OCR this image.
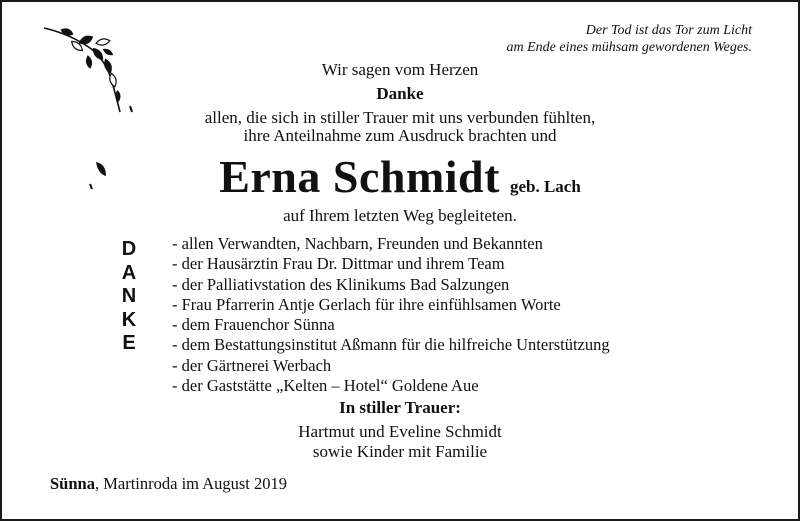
Der Tod ist das Tor zum Licht
am Ende eines mühsam gewordenen Weges.
Wir sagen vom Herzen
Danke
allen, die sich in stiller Trauer mit uns verbunden fühlten,
ihre Anteilnahme zum Ausdruck brachten und
Erna Schmidt geb. Lach
auf Ihrem letzten Weg begleiteten.
D
A
N
K
E
- allen Verwandten, Nachbarn, Freunden und Bekannten
- der Hausärztin Frau Dr. Dittmar und ihrem Team
- der Palliativstation des Klinikums Bad Salzungen
- Frau Pfarrerin Antje Gerlach für ihre einfühlsamen Worte
- dem Frauenchor Sünna
- dem Bestattungsinstitut Aßmann für die hilfreiche Unterstützung
- der Gärtnerei Werbach
- der Gaststätte „Kelten – Hotel“ Goldene Aue
In stiller Trauer:
Hartmut und Eveline Schmidt
sowie Kinder mit Familie
Sünna, Martinroda im August 2019
